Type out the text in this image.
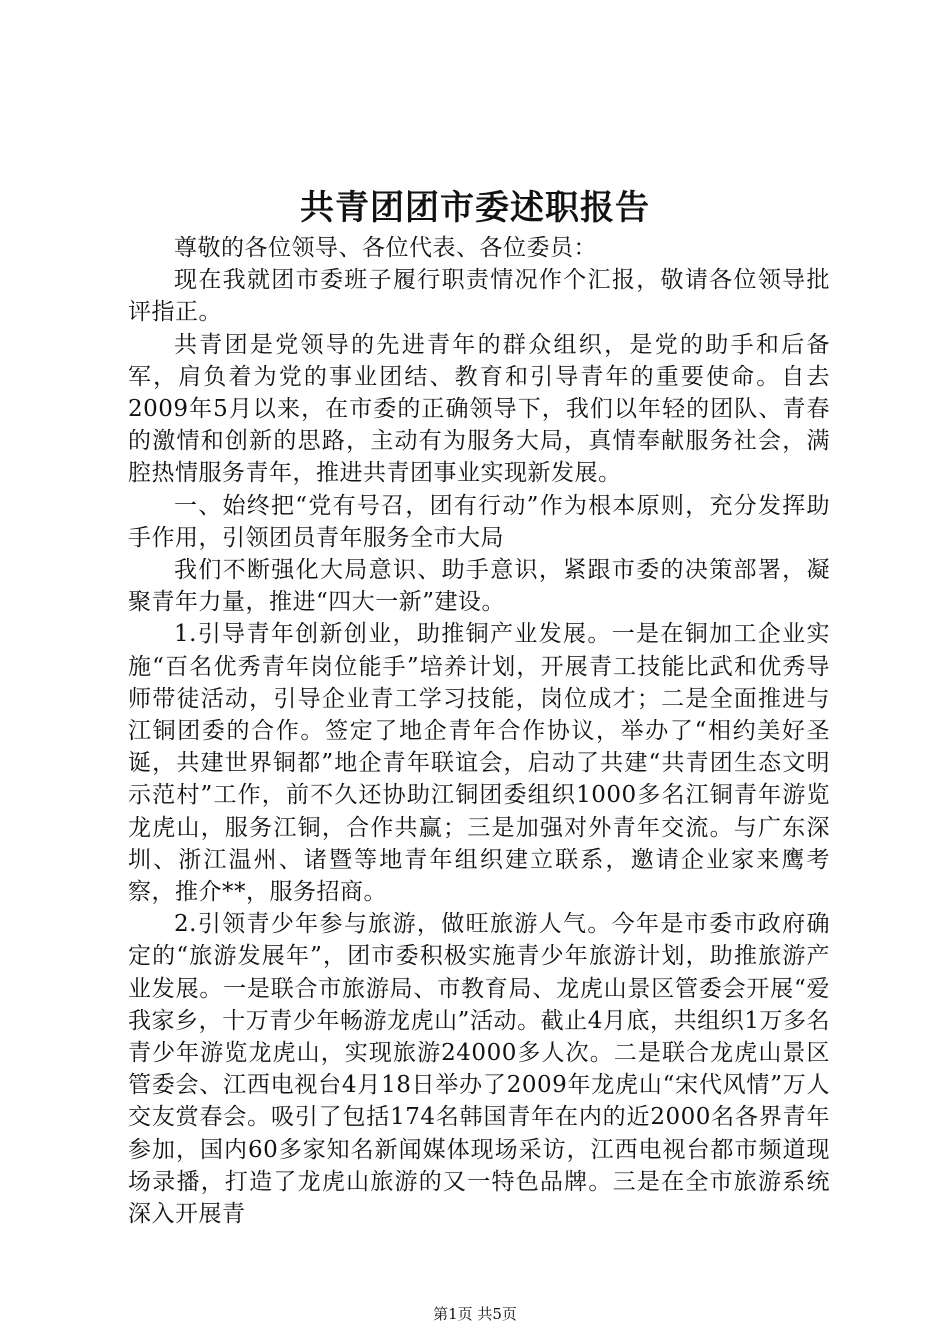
共青团团市委述职报告

尊敬的各位领导、各位代表、各位委员：

现在我就团市委班子履行职责情况作个汇报，敬请各位领导批评指正。

共青团是党领导的先进青年的群众组织，是党的助手和后备军，肩负着为党的事业团结、教育和引导青年的重要使命。自去2009年5月以来，在市委的正确领导下，我们以年轻的团队、青春的激情和创新的思路，主动有为服务大局，真情奉献服务社会，满腔热情服务青年，推进共青团事业实现新发展。

一、始终把“党有号召，团有行动”作为根本原则，充分发挥助手作用，引领团员青年服务全市大局

我们不断强化大局意识、助手意识，紧跟市委的决策部署，凝聚青年力量，推进“四大一新”建设。

1.引导青年创新创业，助推铜产业发展。一是在铜加工企业实施“百名优秀青年岗位能手”培养计划，开展青工技能比武和优秀导师带徒活动，引导企业青工学习技能，岗位成才；二是全面推进与江铜团委的合作。签定了地企青年合作协议，举办了“相约美好圣诞，共建世界铜都”地企青年联谊会，启动了共建“共青团生态文明示范村”工作，前不久还协助江铜团委组织1000多名江铜青年游览龙虎山，服务江铜，合作共赢；三是加强对外青年交流。与广东深圳、浙江温州、诸暨等地青年组织建立联系，邀请企业家来鹰考察，推介**，服务招商。

2.引领青少年参与旅游，做旺旅游人气。今年是市委市政府确定的“旅游发展年”，团市委积极实施青少年旅游计划，助推旅游产业发展。一是联合市旅游局、市教育局、龙虎山景区管委会开展“爱我家乡，十万青少年畅游龙虎山”活动。截止4月底，共组织1万多名青少年游览龙虎山，实现旅游24000多人次。二是联合龙虎山景区管委会、江西电视台4月18日举办了2009年龙虎山“宋代风情”万人交友赏春会。吸引了包括174名韩国青年在内的近2000名各界青年参加，国内60多家知名新闻媒体现场采访，江西电视台都市频道现场录播，打造了龙虎山旅游的又一特色品牌。三是在全市旅游系统深入开展青

第1页 共5页
